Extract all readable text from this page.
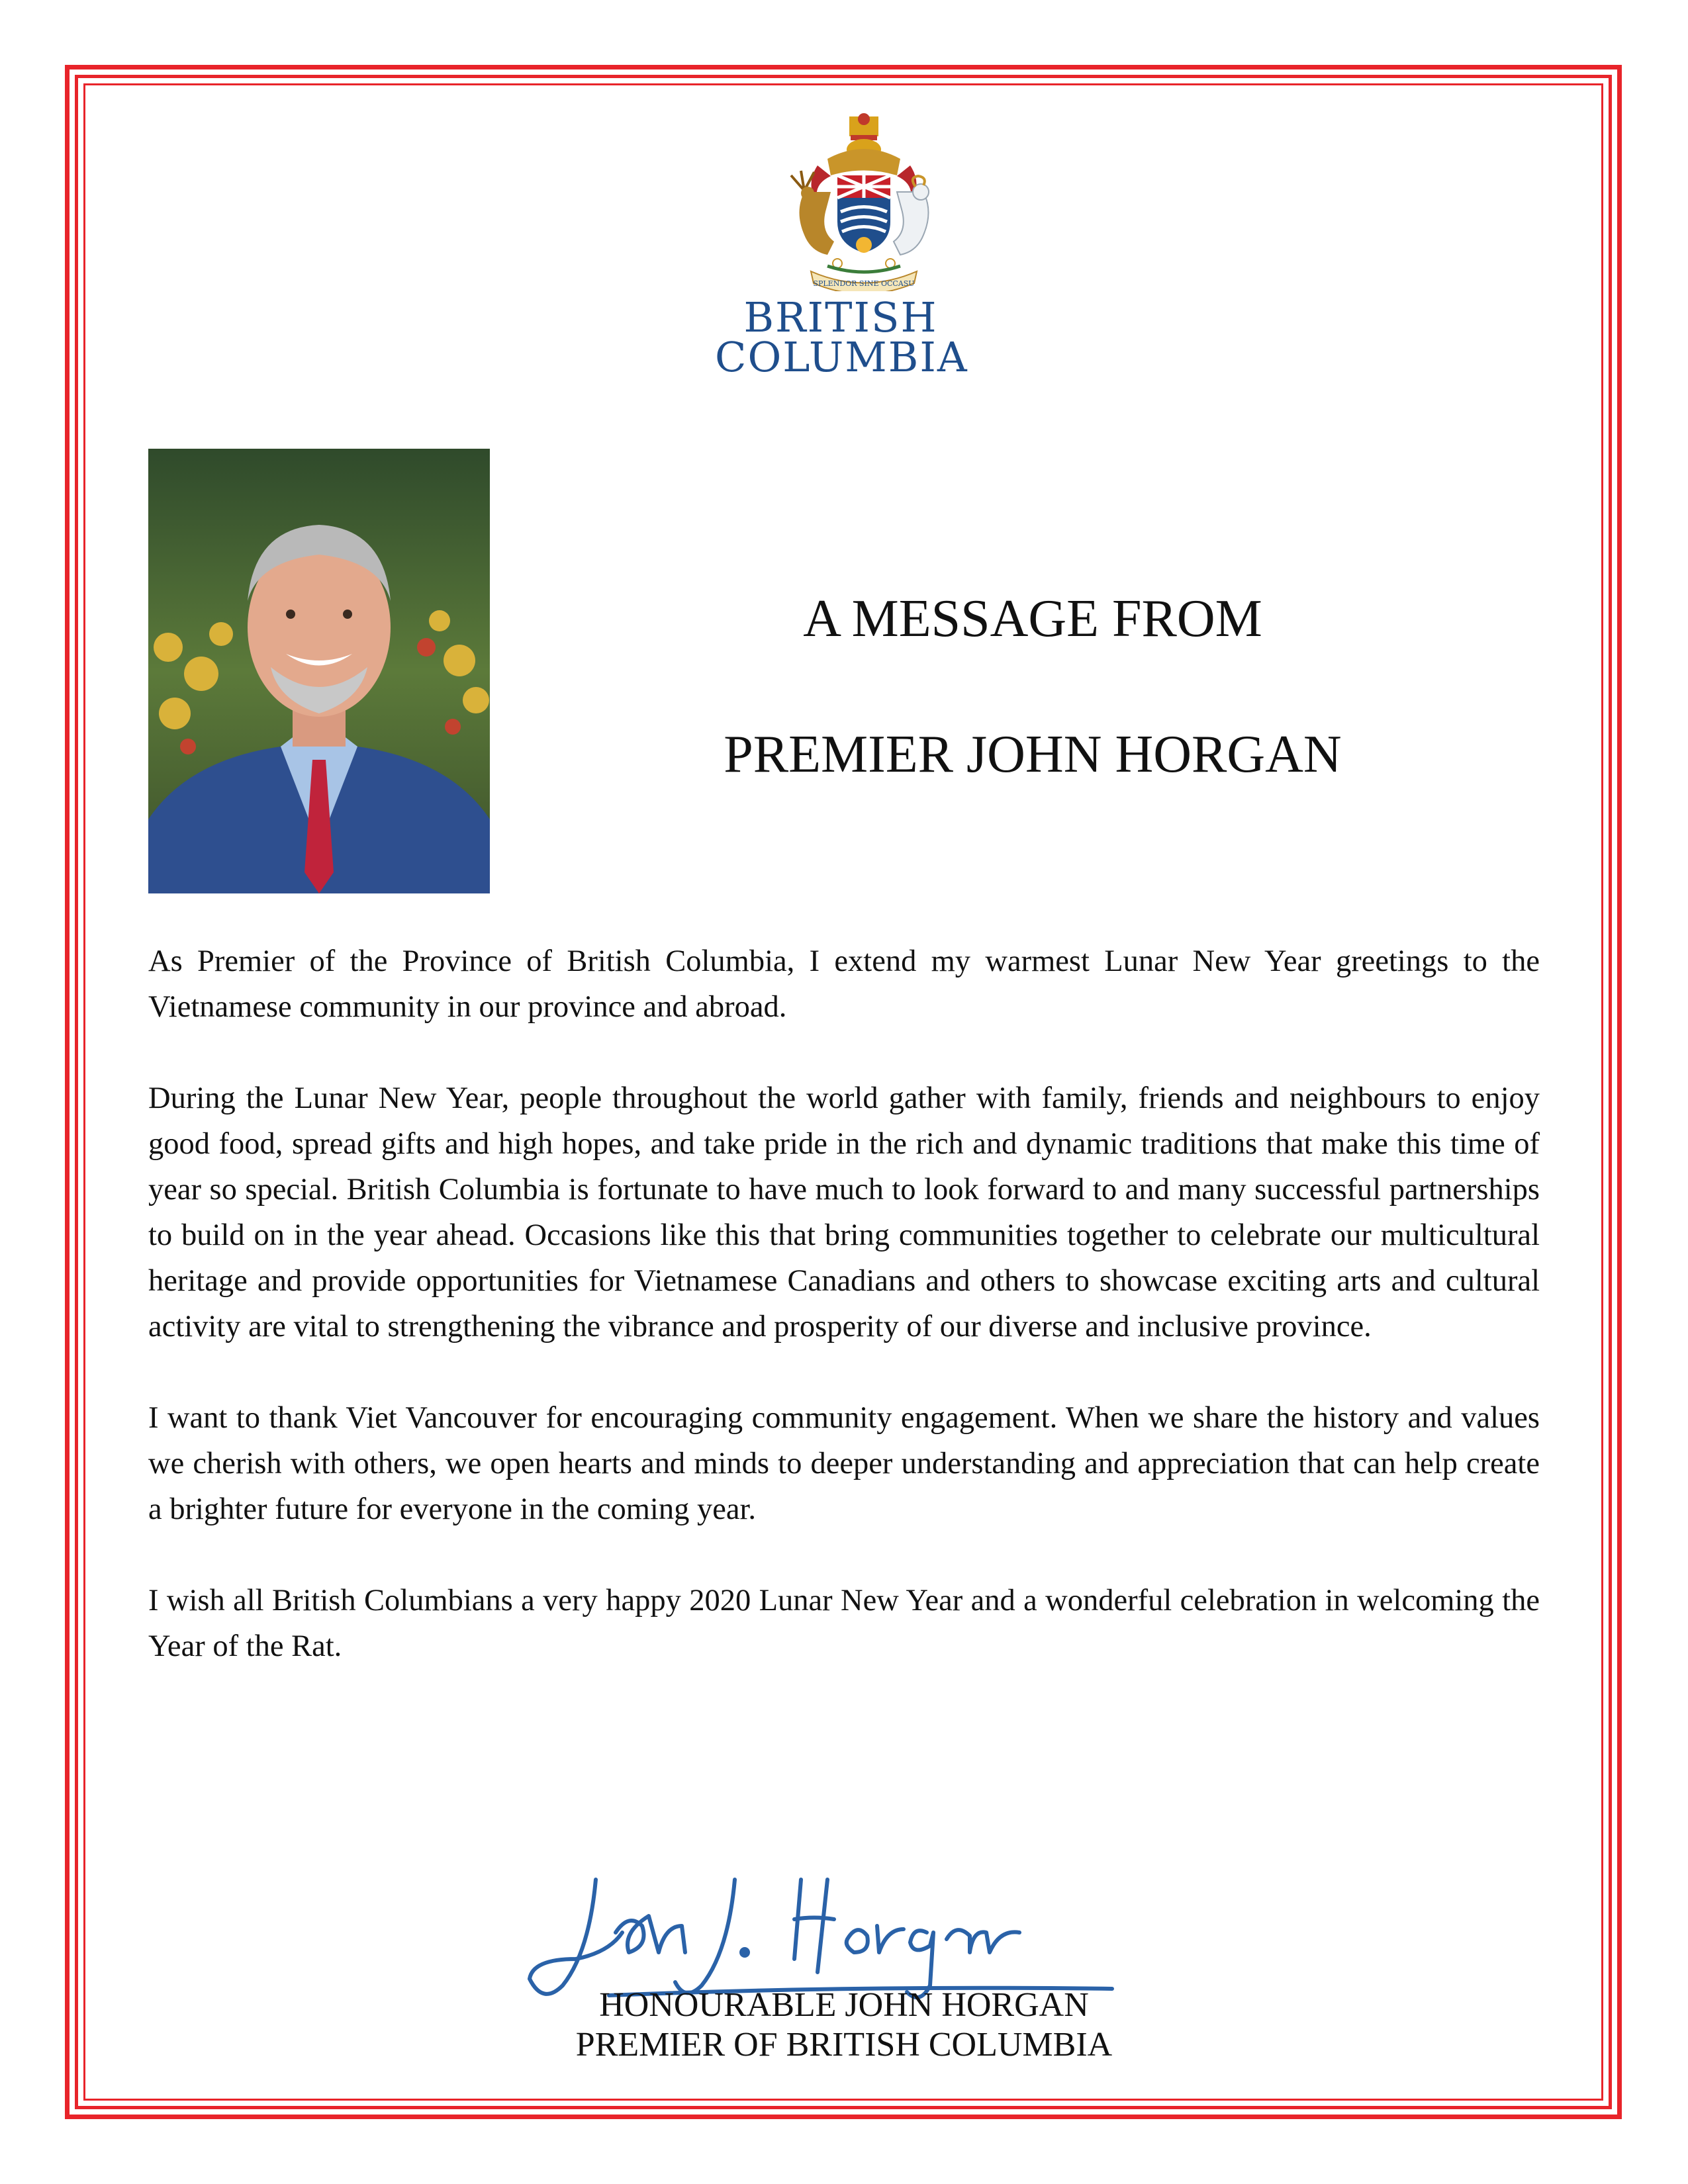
SPLENDOR SINE OCCASU
BRITISH
COLUMBIA
A MESSAGE FROM
PREMIER JOHN HORGAN

As Premier of the Province of British Columbia, I extend my warmest Lunar New Year greetings to the Vietnamese community in our province and abroad.

During the Lunar New Year, people throughout the world gather with family, friends and neighbours to enjoy good food, spread gifts and high hopes, and take pride in the rich and dynamic traditions that make this time of year so special. British Columbia is fortunate to have much to look forward to and many successful partnerships to build on in the year ahead. Occasions like this that bring communities together to celebrate our multicultural heritage and provide opportunities for Vietnamese Canadians and others to showcase exciting arts and cultural activity are vital to strengthening the vibrance and prosperity of our diverse and inclusive province.

I want to thank Viet Vancouver for encouraging community engagement. When we share the history and values we cherish with others, we open hearts and minds to deeper understanding and appreciation that can help create a brighter future for everyone in the coming year.

I wish all British Columbians a very happy 2020 Lunar New Year and a wonderful celebration in welcoming the Year of the Rat.

HONOURABLE JOHN HORGAN
PREMIER OF BRITISH COLUMBIA
